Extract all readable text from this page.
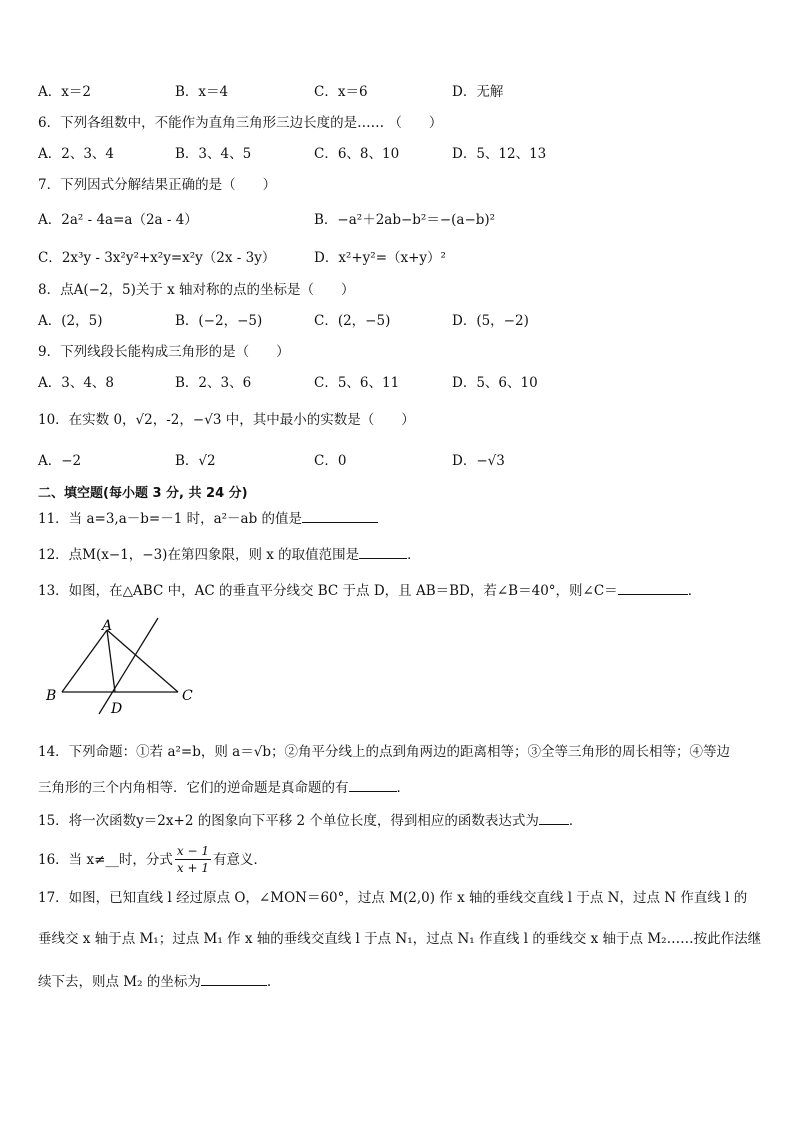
A．x＝2	B．x＝4	C．x＝6	D．无解
6．下列各组数中，不能作为直角三角形三边长度的是…… （　　）
A．2、3、4	B．3、4、5	C．6、8、10	D．5、12、13
7．下列因式分解结果正确的是（　　）
A．2a² - 4a=a（2a - 4）	B．−a²＋2ab−b²＝−(a−b)²
C．2x³y - 3x²y²+x²y=x²y（2x - 3y）	D．x²+y²=（x+y）²
8．点A(−2，5)关于 x 轴对称的点的坐标是（　　）
A．(2，5)	B．(−2，−5)	C．(2，−5)	D．(5，−2)
9．下列线段长能构成三角形的是（　　）
A．3、4、8	B．2、3、6	C．5、6、11	D．5、6、10
10．在实数 0，√2，-2，−√3 中，其中最小的实数是（　　）
A．−2	B．√2	C．0	D．−√3
二、填空题(每小题 3 分, 共 24 分)
11．当 a=3,a－b=－1 时，a²－ab 的值是
12．点M(x−1，−3)在第四象限，则 x 的取值范围是	．
13．如图，在△ABC 中，AC 的垂直平分线交 BC 于点 D，且 AB＝BD，若∠B＝40°，则∠C＝	．
A
B	C
D
14．下列命题：①若 a²=b，则 a＝√b；②角平分线上的点到角两边的距离相等；③全等三角形的周长相等；④等边
三角形的三个内角相等．它们的逆命题是真命题的有	．
15．将一次函数y＝2x+2 的图象向下平移 2 个单位长度，得到相应的函数表达式为 ．
16．当 x≠__时，分式 $\frac{x - 1}{x + 1}$ 有意义．
17．如图，已知直线 l 经过原点 O，∠MON＝60°，过点 M(2,0) 作 x 轴的垂线交直线 l 于点 N，过点 N 作直线 l 的
垂线交 x 轴于点 M₁；过点 M₁ 作 x 轴的垂线交直线 l 于点 N₁，过点 N₁ 作直线 l 的垂线交 x 轴于点 M₂……按此作法继
续下去，则点 M₂ 的坐标为	.
